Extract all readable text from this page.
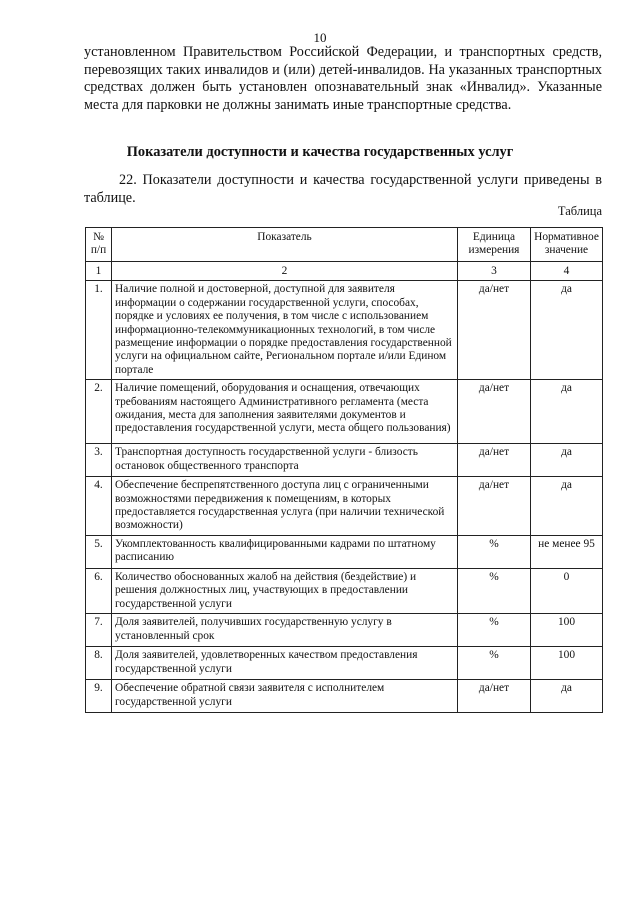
10

установленном Правительством Российской Федерации, и транспортных средств, перевозящих таких инвалидов и (или) детей-инвалидов. На указанных транспортных средствах должен быть установлен опознавательный знак «Инвалид». Указанные места для парковки не должны занимать иные транспортные средства.

Показатели доступности и качества государственных услуг

22. Показатели доступности и качества государственной услуги приведены в таблице.

Таблица
№ п/п	Показатель	Единица измерения	Нормативное значение
1	2	3	4
1.	Наличие полной и достоверной, доступной для заявителя информации о содержании государственной услуги, способах, порядке и условиях ее получения, в том числе с использованием информационно-телекоммуникационных технологий, в том числе размещение информации о порядке предоставления государственной услуги на официальном сайте, Региональном портале и/или Едином портале	да/нет	да
2.	Наличие помещений, оборудования и оснащения, отвечающих требованиям настоящего Административного регламента (места ожидания, места для заполнения заявителями документов и предоставления государственной услуги, места общего пользования)	да/нет	да
3.	Транспортная доступность государственной услуги - близость остановок общественного транспорта	да/нет	да
4.	Обеспечение беспрепятственного доступа лиц с ограниченными возможностями передвижения к помещениям, в которых предоставляется государственная услуга (при наличии технической возможности)	да/нет	да
5.	Укомплектованность квалифицированными кадрами по штатному расписанию	%	не менее 95
6.	Количество обоснованных жалоб на действия (бездействие) и решения должностных лиц, участвующих в предоставлении государственной услуги	%	0
7.	Доля заявителей, получивших государственную услугу в установленный срок	%	100
8.	Доля заявителей, удовлетворенных качеством предоставления государственной услуги	%	100
9.	Обеспечение обратной связи заявителя с исполнителем государственной услуги	да/нет	да
